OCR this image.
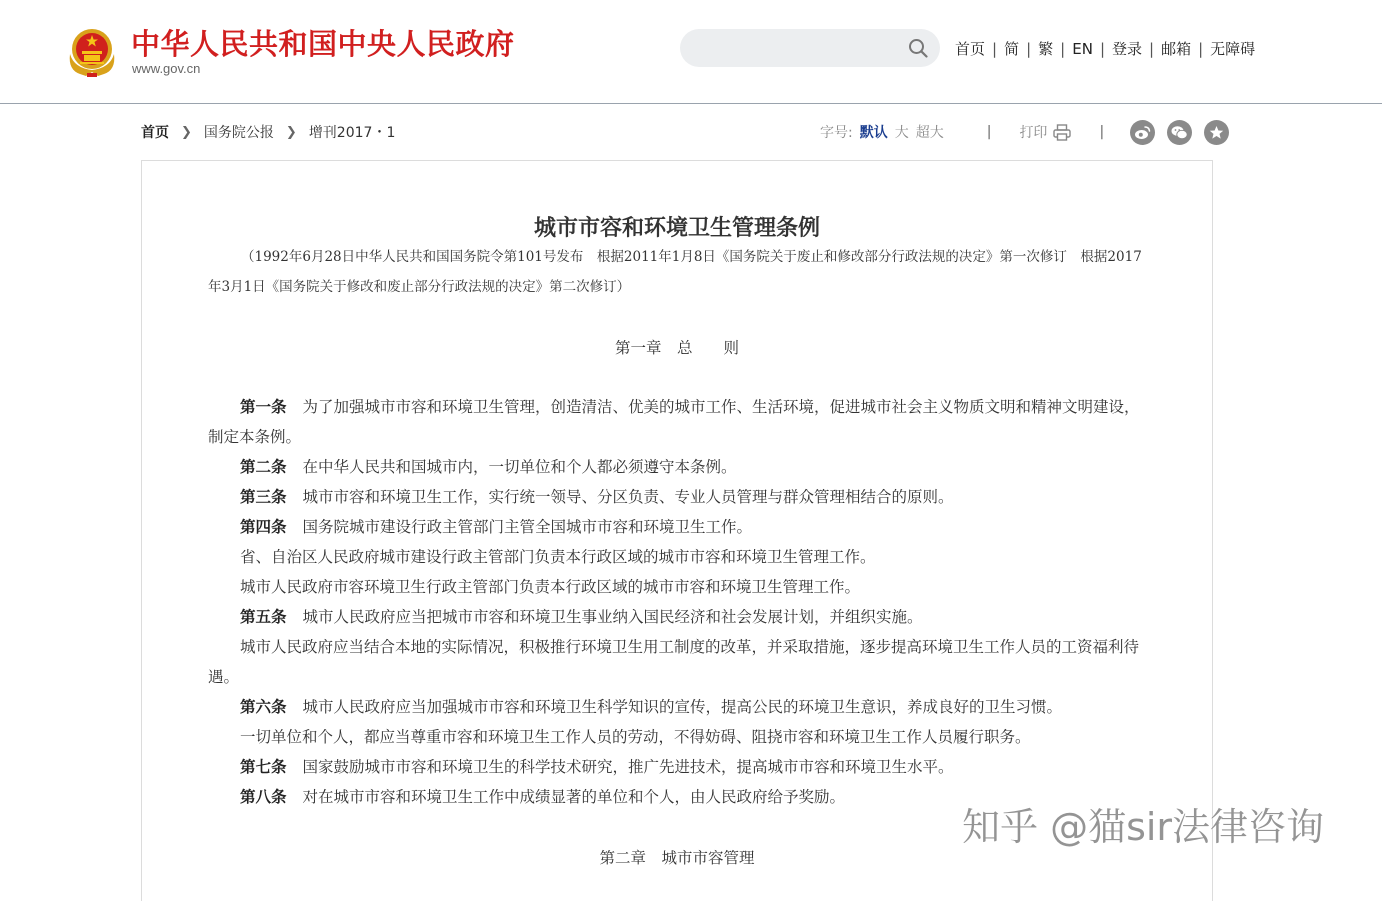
中华人民共和国中央人民政府
www.gov.cn
首页 | 简 | 繁 | EN | 登录 | 邮箱 | 无障碍
首页 ❯ 国务院公报 ❯ 增刊2017・1	字号: 默认 大 超大	| 打印	|
城市市容和环境卫生管理条例
（1992年6月28日中华人民共和国国务院令第101号发布　根据2011年1月8日《国务院关于废止和修改部分行政法规的决定》第一次修订　根据2017年3月1日《国务院关于修改和废止部分行政法规的决定》第二次修订）
第一章　总　　则

第一条 为了加强城市市容和环境卫生管理，创造清洁、优美的城市工作、生活环境，促进城市社会主义物质文明和精神文明建设，制定本条例。

第二条 在中华人民共和国城市内，一切单位和个人都必须遵守本条例。

第三条 城市市容和环境卫生工作，实行统一领导、分区负责、专业人员管理与群众管理相结合的原则。

第四条 国务院城市建设行政主管部门主管全国城市市容和环境卫生工作。

省、自治区人民政府城市建设行政主管部门负责本行政区域的城市市容和环境卫生管理工作。

城市人民政府市容环境卫生行政主管部门负责本行政区域的城市市容和环境卫生管理工作。

第五条 城市人民政府应当把城市市容和环境卫生事业纳入国民经济和社会发展计划，并组织实施。

城市人民政府应当结合本地的实际情况，积极推行环境卫生用工制度的改革，并采取措施，逐步提高环境卫生工作人员的工资福利待遇。

第六条 城市人民政府应当加强城市市容和环境卫生科学知识的宣传，提高公民的环境卫生意识，养成良好的卫生习惯。

一切单位和个人，都应当尊重市容和环境卫生工作人员的劳动，不得妨碍、阻挠市容和环境卫生工作人员履行职务。

第七条 国家鼓励城市市容和环境卫生的科学技术研究，推广先进技术，提高城市市容和环境卫生水平。

第八条 对在城市市容和环境卫生工作中成绩显著的单位和个人，由人民政府给予奖励。

第二章　城市市容管理
知乎 @猫sir法律咨询
